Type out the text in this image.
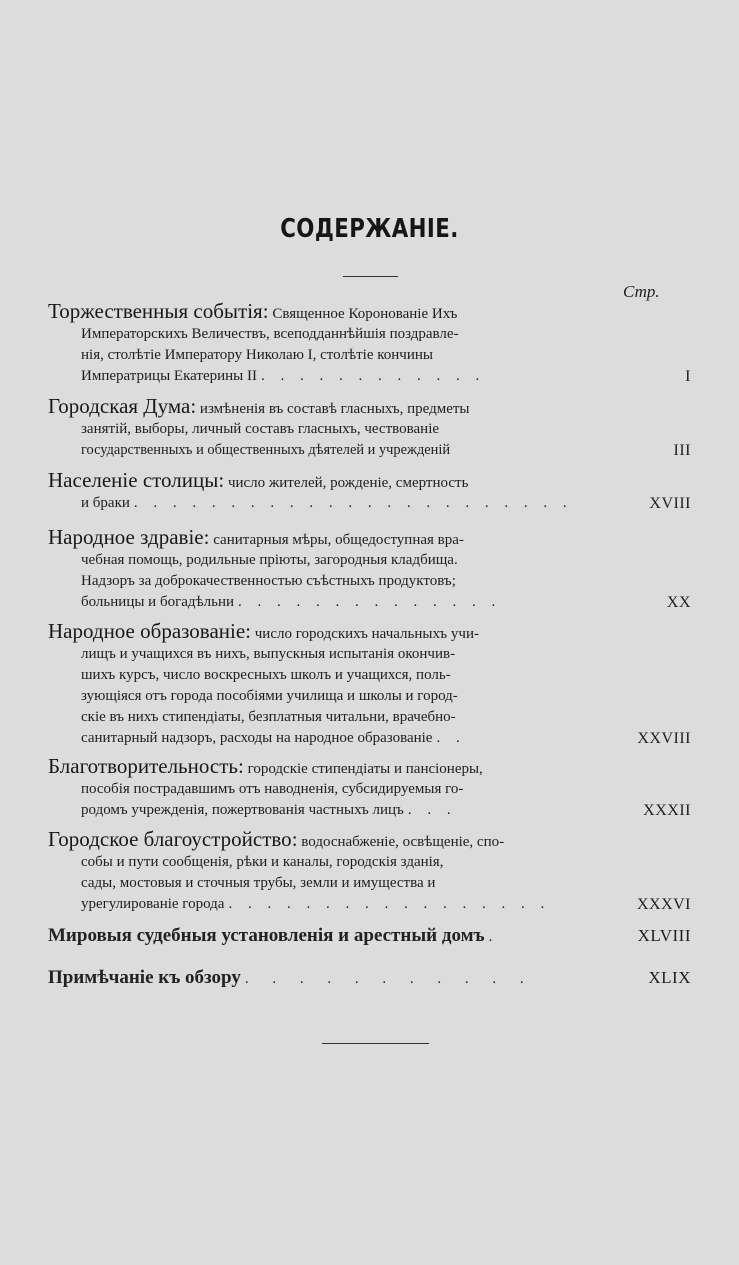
СОДЕРЖАНІЕ.
Стр.
Торжественныя событія: Священное Коронованіе Ихъ
Императорскихъ Величествъ, всеподданнѣйшія поздравле-
нія, столѣтіе Императору Николаю I, столѣтіе кончины
Императрицы Екатерины II . . . . . . . . . . . .	I
Городская Дума: измѣненія въ составѣ гласныхъ, предметы
занятій, выборы, личный составъ гласныхъ, чествованіе
государственныхъ и общественныхъ дѣятелей и учрежденій	III
Населеніе столицы: число жителей, рожденіе, смертность
и браки . . . . . . . . . . . . . . . . . . . . . . .	XVIII
Народное здравіе: санитарныя мѣры, общедоступная вра-
чебная помощь, родильные пріюты, загородныя кладбища.
Надзоръ за доброкачественностью съѣстныхъ продуктовъ;
больницы и богадѣльни . . . . . . . . . . . . . .	XX
Народное образованіе: число городскихъ начальныхъ учи-
лищъ и учащихся въ нихъ, выпускныя испытанія окончив-
шихъ курсъ, число воскресныхъ школъ и учащихся, поль-
зующіяся отъ города пособіями училища и школы и город-
скіе въ нихъ стипендіаты, безплатныя читальни, врачебно-
санитарный надзоръ, расходы на народное образованіе . .	XXVIII
Благотворительность: городскіе стипендіаты и пансіонеры,
пособія пострадавшимъ отъ наводненія, субсидируемыя го-
родомъ учрежденія, пожертвованія частныхъ лицъ . . .	XXXII
Городское благоустройство: водоснабженіе, освѣщеніе, спо-
собы и пути сообщенія, рѣки и каналы, городскія зданія,
сады, мостовыя и сточныя трубы, земли и имущества и
урегулированіе города . . . . . . . . . . . . . . . . .	XXXVI
Мировыя судебныя установленія и арестный домъ .	XLVIII
Примѣчаніе къ обзору . . . . . . . . . . .	XLIX
